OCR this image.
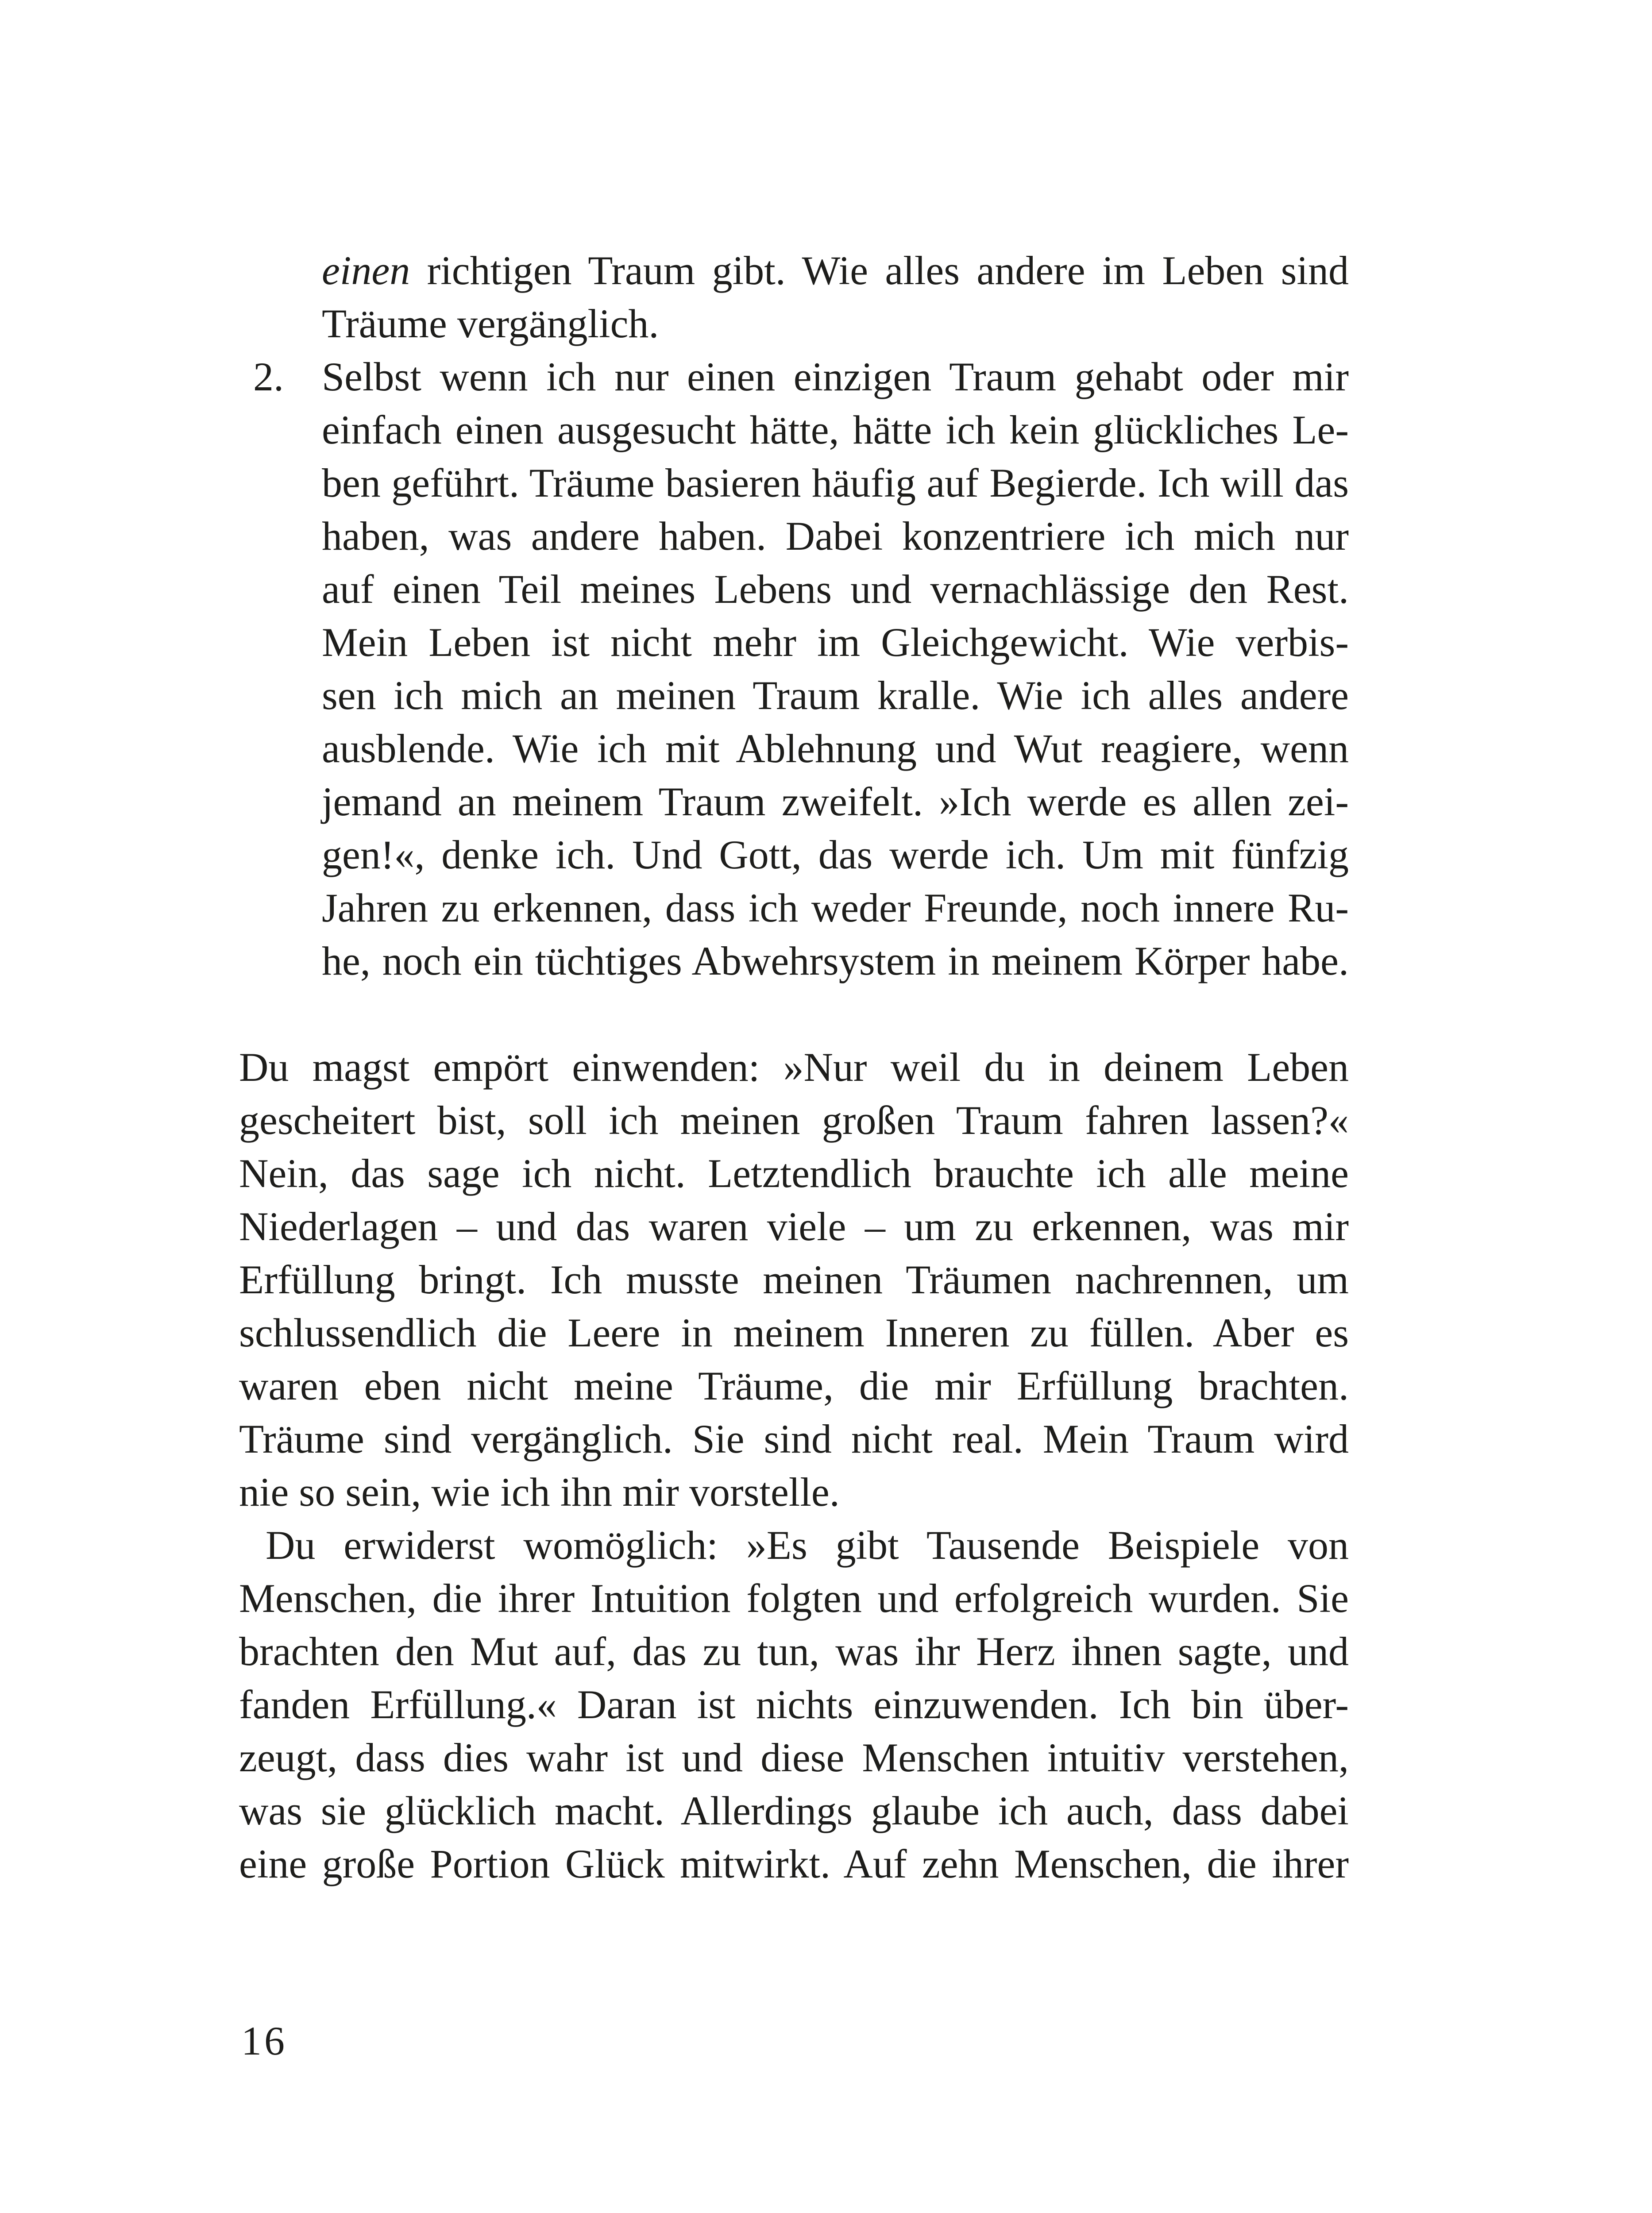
einen richtigen Traum gibt. Wie alles andere im Leben sind
Träume vergänglich.
2. Selbst wenn ich nur einen einzigen Traum gehabt oder mir
einfach einen ausgesucht hätte, hätte ich kein glückliches Le-
ben geführt. Träume basieren häufig auf Begierde. Ich will das
haben, was andere haben. Dabei konzentriere ich mich nur
auf einen Teil meines Lebens und vernachlässige den Rest.
Mein Leben ist nicht mehr im Gleichgewicht. Wie verbis-
sen ich mich an meinen Traum kralle. Wie ich alles andere
ausblende. Wie ich mit Ablehnung und Wut reagiere, wenn
jemand an meinem Traum zweifelt. »Ich werde es allen zei-
gen!«, denke ich. Und Gott, das werde ich. Um mit fünfzig
Jahren zu erkennen, dass ich weder Freunde, noch innere Ru-
he, noch ein tüchtiges Abwehrsystem in meinem Körper habe.
Du magst empört einwenden: »Nur weil du in deinem Leben
gescheitert bist, soll ich meinen großen Traum fahren lassen?«
Nein, das sage ich nicht. Letztendlich brauchte ich alle meine
Niederlagen – und das waren viele – um zu erkennen, was mir
Erfüllung bringt. Ich musste meinen Träumen nachrennen, um
schlussendlich die Leere in meinem Inneren zu füllen. Aber es
waren eben nicht meine Träume, die mir Erfüllung brachten.
Träume sind vergänglich. Sie sind nicht real. Mein Traum wird
nie so sein, wie ich ihn mir vorstelle.
Du erwiderst womöglich: »Es gibt Tausende Beispiele von
Menschen, die ihrer Intuition folgten und erfolgreich wurden. Sie
brachten den Mut auf, das zu tun, was ihr Herz ihnen sagte, und
fanden Erfüllung.« Daran ist nichts einzuwenden. Ich bin über-
zeugt, dass dies wahr ist und diese Menschen intuitiv verstehen,
was sie glücklich macht. Allerdings glaube ich auch, dass dabei
eine große Portion Glück mitwirkt. Auf zehn Menschen, die ihrer
16
